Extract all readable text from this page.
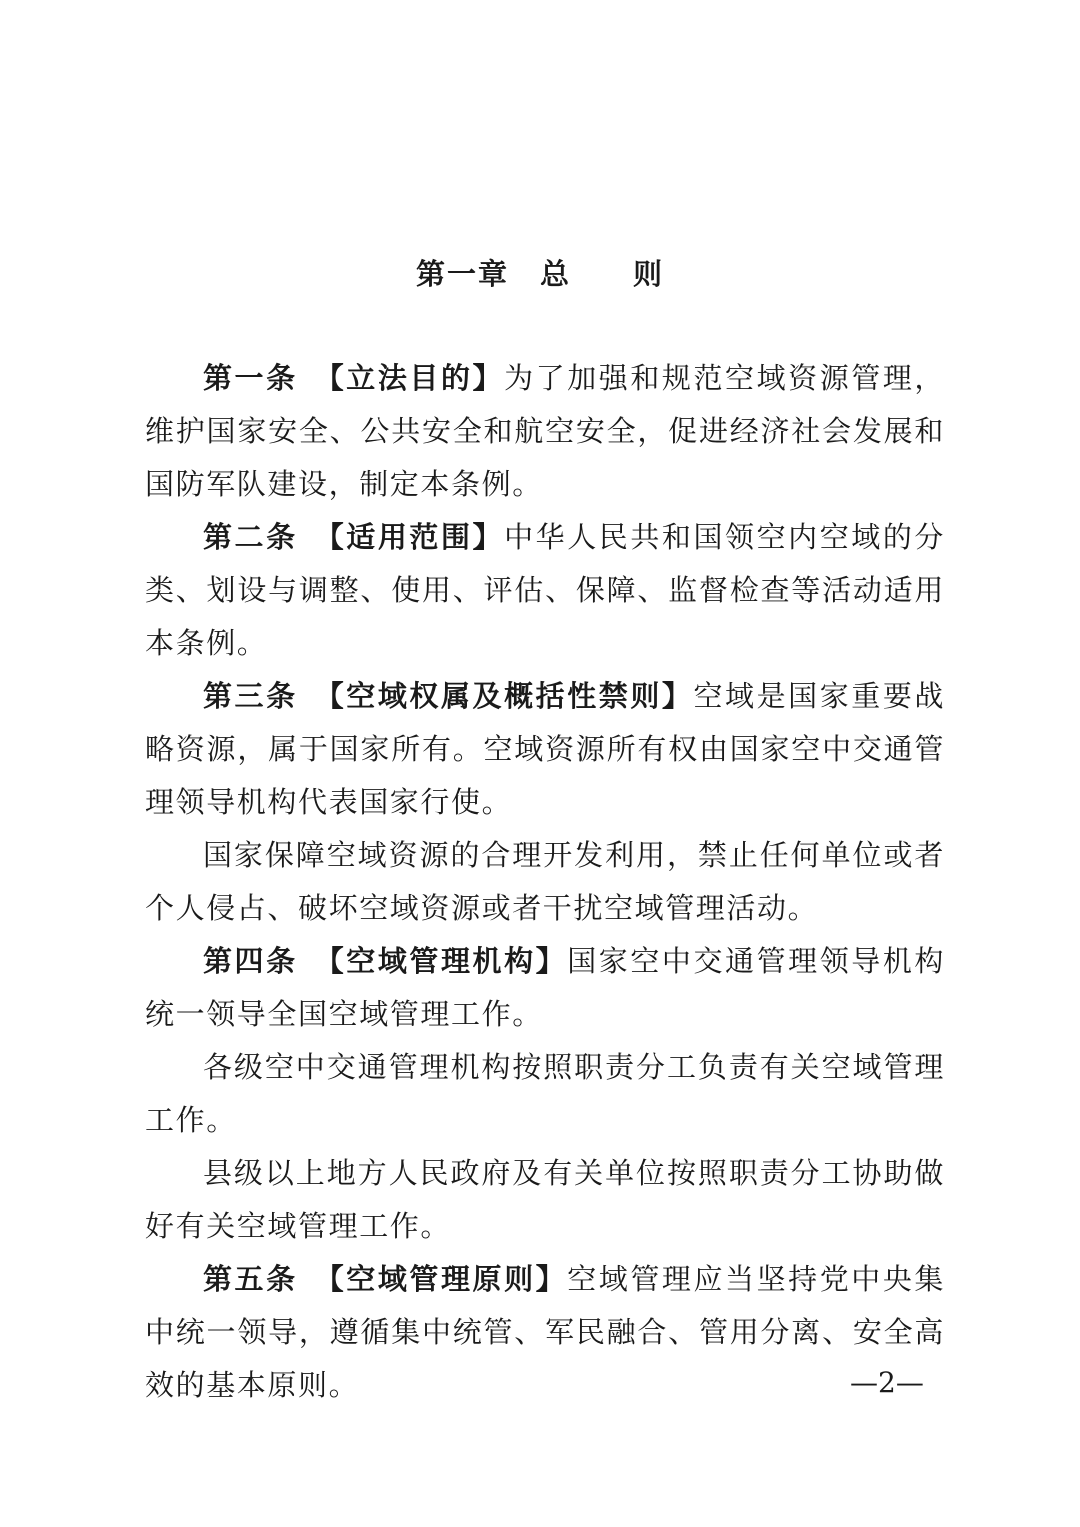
第一章　总　　则

第一条　【立法目的】为了加强和规范空域资源管理，维护国家安全、公共安全和航空安全，促进经济社会发展和国防军队建设，制定本条例。

第二条　【适用范围】中华人民共和国领空内空域的分类、划设与调整、使用、评估、保障、监督检查等活动适用本条例。

第三条　【空域权属及概括性禁则】空域是国家重要战略资源，属于国家所有。空域资源所有权由国家空中交通管理领导机构代表国家行使。

国家保障空域资源的合理开发利用，禁止任何单位或者个人侵占、破坏空域资源或者干扰空域管理活动。

第四条　【空域管理机构】国家空中交通管理领导机构统一领导全国空域管理工作。

各级空中交通管理机构按照职责分工负责有关空域管理工作。

县级以上地方人民政府及有关单位按照职责分工协助做好有关空域管理工作。

第五条　【空域管理原则】空域管理应当坚持党中央集中统一领导，遵循集中统管、军民融合、管用分离、安全高效的基本原则。	—2—
